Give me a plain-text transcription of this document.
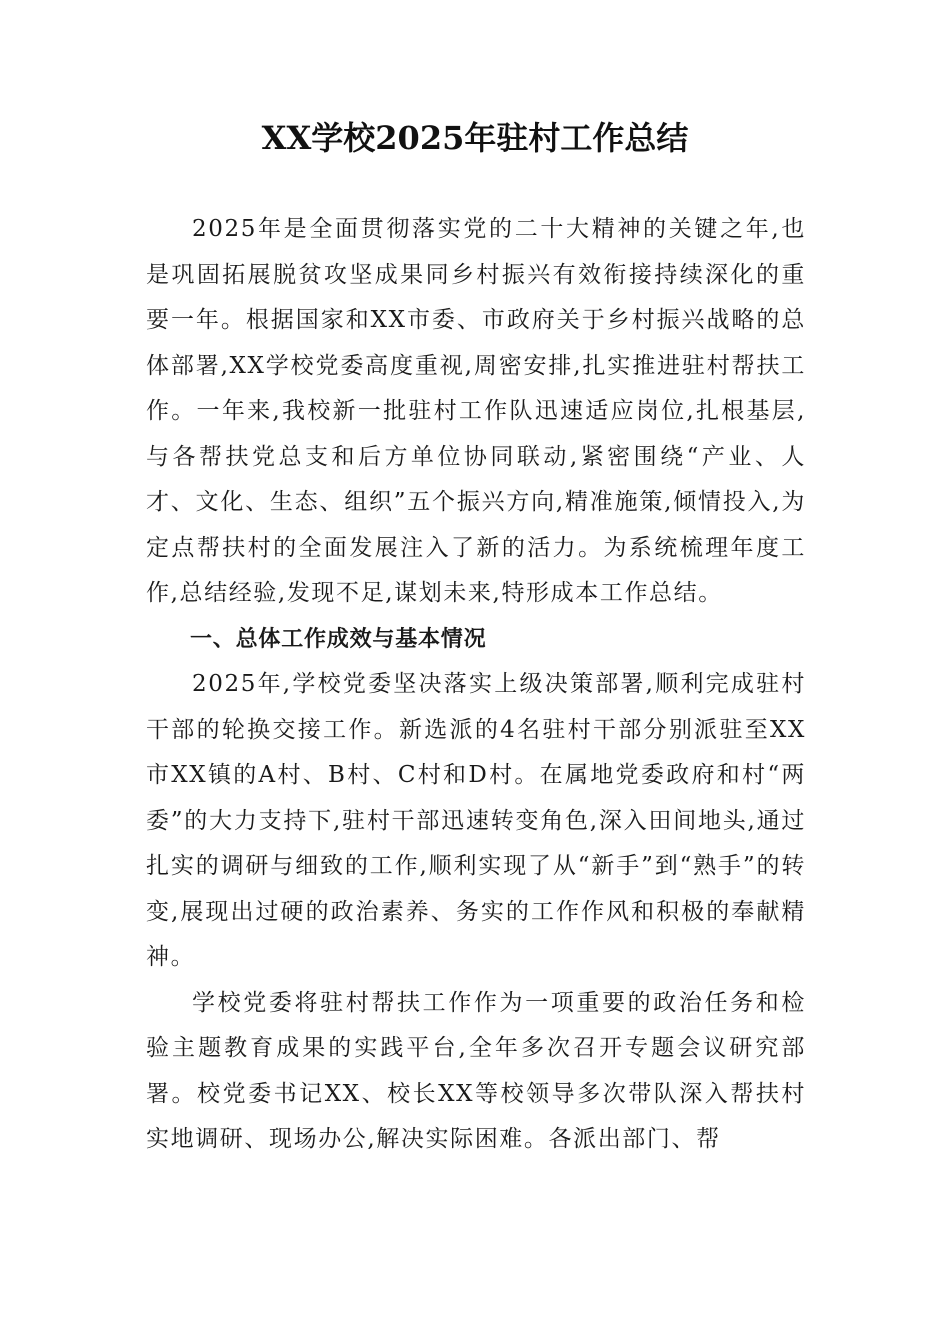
XX学校2025年驻村工作总结

2025年是全面贯彻落实党的二十大精神的关键之年,也是巩固拓展脱贫攻坚成果同乡村振兴有效衔接持续深化的重要一年。根据国家和XX市委、市政府关于乡村振兴战略的总体部署,XX学校党委高度重视,周密安排,扎实推进驻村帮扶工作。一年来,我校新一批驻村工作队迅速适应岗位,扎根基层,与各帮扶党总支和后方单位协同联动,紧密围绕“产业、人才、文化、生态、组织”五个振兴方向,精准施策,倾情投入,为定点帮扶村的全面发展注入了新的活力。为系统梳理年度工作,总结经验,发现不足,谋划未来,特形成本工作总结。

一、总体工作成效与基本情况

2025年,学校党委坚决落实上级决策部署,顺利完成驻村干部的轮换交接工作。新选派的4名驻村干部分别派驻至XX市XX镇的A村、B村、C村和D村。在属地党委政府和村“两委”的大力支持下,驻村干部迅速转变角色,深入田间地头,通过扎实的调研与细致的工作,顺利实现了从“新手”到“熟手”的转变,展现出过硬的政治素养、务实的工作作风和积极的奉献精神。

学校党委将驻村帮扶工作作为一项重要的政治任务和检验主题教育成果的实践平台,全年多次召开专题会议研究部署。校党委书记XX、校长XX等校领导多次带队深入帮扶村实地调研、现场办公,解决实际困难。各派出部门、帮
